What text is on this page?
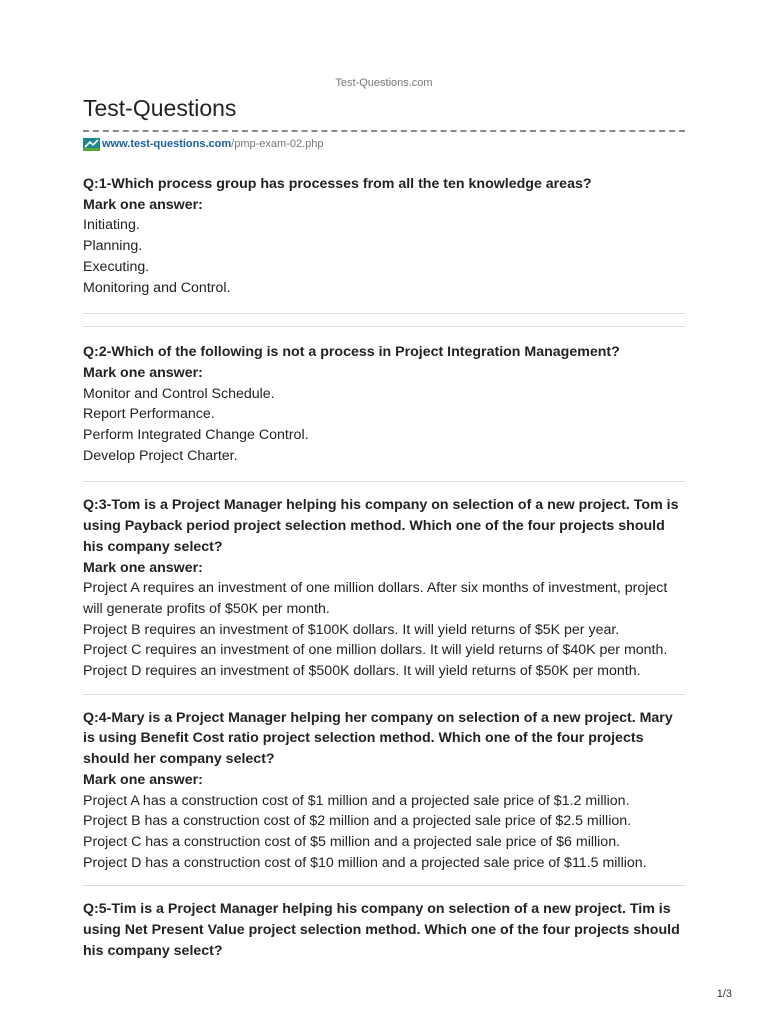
Test-Questions.com
Test-Questions
www.test-questions.com /pmp-exam-02.php
Q:1-Which process group has processes from all the ten knowledge areas?
Mark one answer:
Initiating.
Planning.
Executing.
Monitoring and Control.
Q:2-Which of the following is not a process in Project Integration Management?
Mark one answer:
Monitor and Control Schedule.
Report Performance.
Perform Integrated Change Control.
Develop Project Charter.
Q:3-Tom is a Project Manager helping his company on selection of a new project. Tom is using Payback period project selection method. Which one of the four projects should his company select?
Mark one answer:
Project A requires an investment of one million dollars. After six months of investment, project will generate profits of $50K per month.
Project B requires an investment of $100K dollars. It will yield returns of $5K per year.
Project C requires an investment of one million dollars. It will yield returns of $40K per month.
Project D requires an investment of $500K dollars. It will yield returns of $50K per month.
Q:4-Mary is a Project Manager helping her company on selection of a new project. Mary is using Benefit Cost ratio project selection method. Which one of the four projects should her company select?
Mark one answer:
Project A has a construction cost of $1 million and a projected sale price of $1.2 million.
Project B has a construction cost of $2 million and a projected sale price of $2.5 million.
Project C has a construction cost of $5 million and a projected sale price of $6 million.
Project D has a construction cost of $10 million and a projected sale price of $11.5 million.
Q:5-Tim is a Project Manager helping his company on selection of a new project. Tim is using Net Present Value project selection method. Which one of the four projects should his company select?
1/3
